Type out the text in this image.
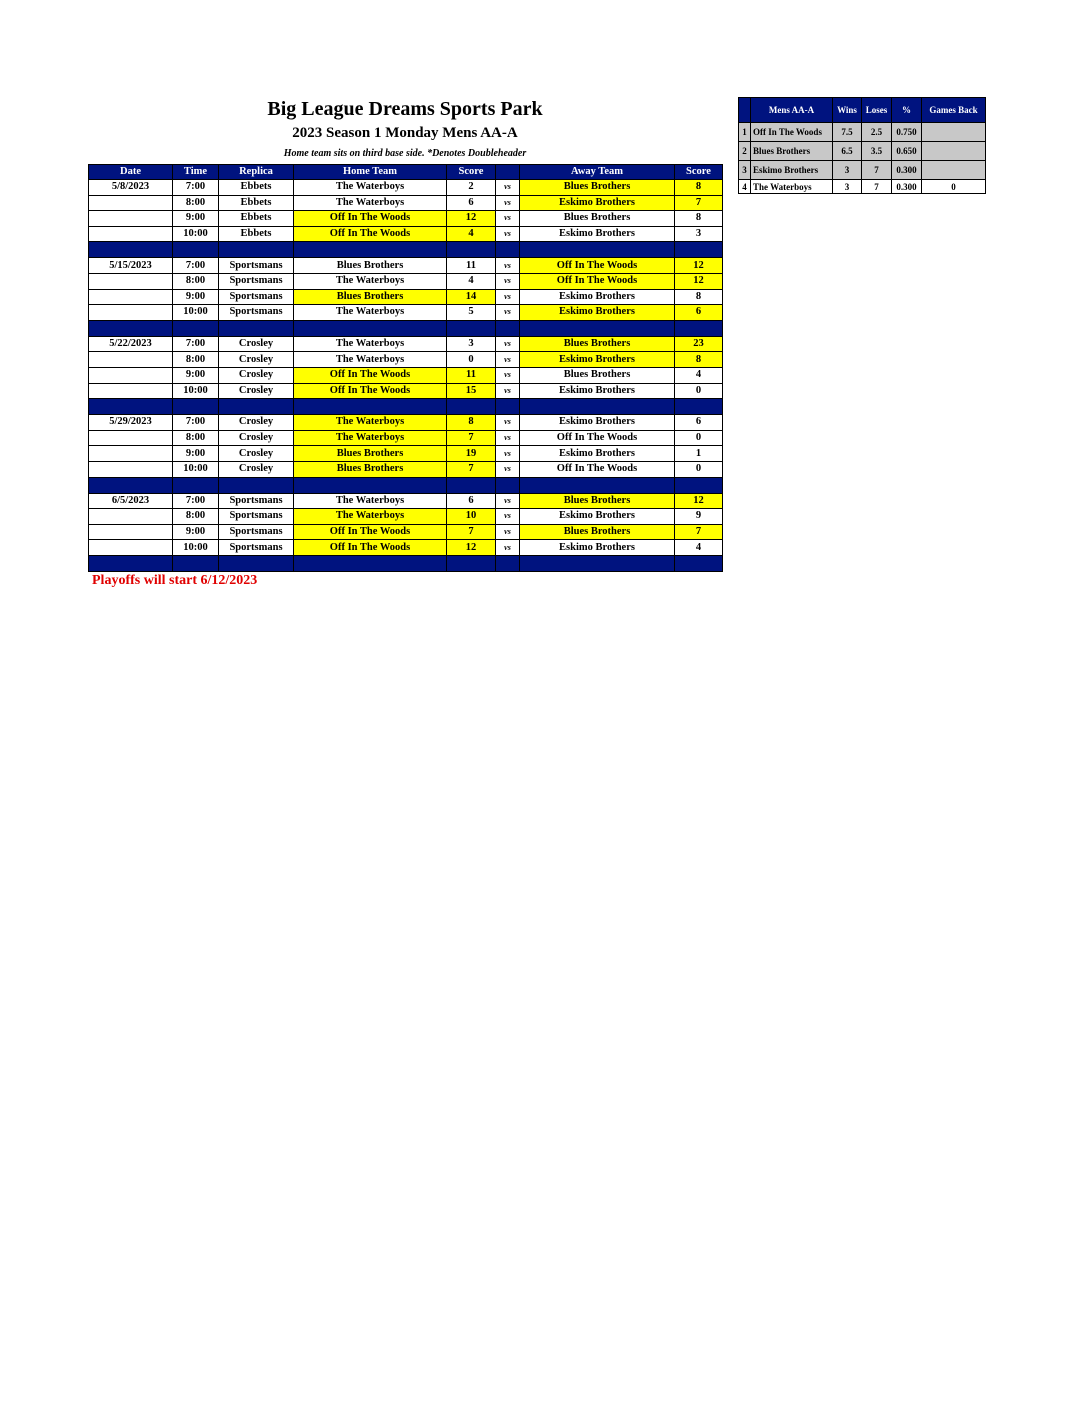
Big League Dreams Sports Park
2023 Season 1 Monday Mens AA-A
Home team sits on third base side. *Denotes Doubleheader
Date	Time	Replica	Home Team	Score		Away Team	Score
5/8/2023	7:00	Ebbets	The Waterboys	2	vs	Blues Brothers	8
	8:00	Ebbets	The Waterboys	6	vs	Eskimo Brothers	7
	9:00	Ebbets	Off In The Woods	12	vs	Blues Brothers	8
	10:00	Ebbets	Off In The Woods	4	vs	Eskimo Brothers	3

5/15/2023	7:00	Sportsmans	Blues Brothers	11	vs	Off In The Woods	12
	8:00	Sportsmans	The Waterboys	4	vs	Off In The Woods	12
	9:00	Sportsmans	Blues Brothers	14	vs	Eskimo Brothers	8
	10:00	Sportsmans	The Waterboys	5	vs	Eskimo Brothers	6

5/22/2023	7:00	Crosley	The Waterboys	3	vs	Blues Brothers	23
	8:00	Crosley	The Waterboys	0	vs	Eskimo Brothers	8
	9:00	Crosley	Off In The Woods	11	vs	Blues Brothers	4
	10:00	Crosley	Off In The Woods	15	vs	Eskimo Brothers	0

5/29/2023	7:00	Crosley	The Waterboys	8	vs	Eskimo Brothers	6
	8:00	Crosley	The Waterboys	7	vs	Off In The Woods	0
	9:00	Crosley	Blues Brothers	19	vs	Eskimo Brothers	1
	10:00	Crosley	Blues Brothers	7	vs	Off In The Woods	0

6/5/2023	7:00	Sportsmans	The Waterboys	6	vs	Blues Brothers	12
	8:00	Sportsmans	The Waterboys	10	vs	Eskimo Brothers	9
	9:00	Sportsmans	Off In The Woods	7	vs	Blues Brothers	7
	10:00	Sportsmans	Off In The Woods	12	vs	Eskimo Brothers	4

	Mens AA-A	Wins	Loses	%	Games Back
1	Off In The Woods	7.5	2.5	0.750	
2	Blues Brothers	6.5	3.5	0.650	
3	Eskimo Brothers	3	7	0.300	
4	The Waterboys	3	7	0.300	0
Playoffs will start 6/12/2023
